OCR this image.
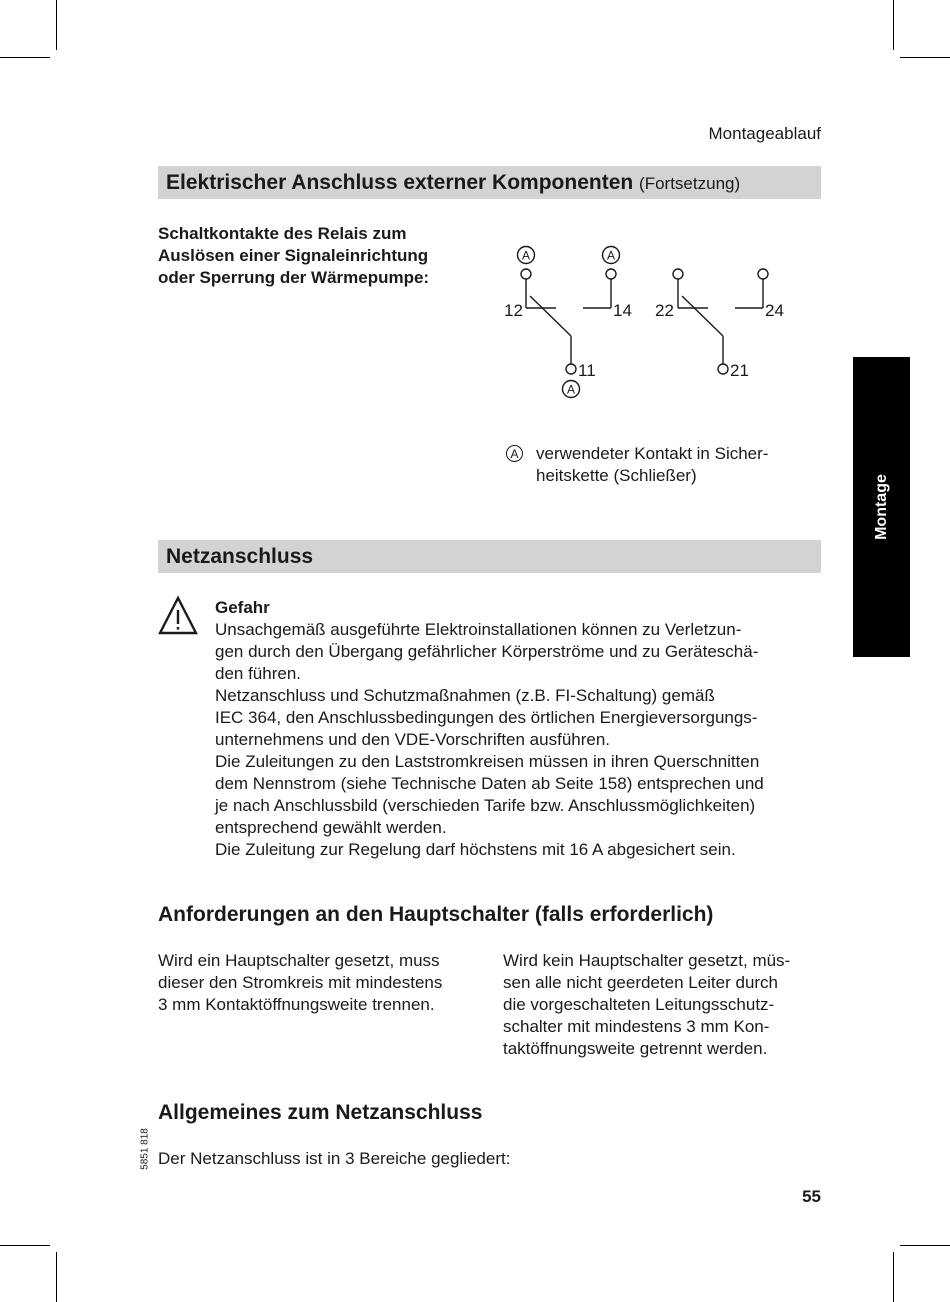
Montageablauf
Elektrischer Anschluss externer Komponenten (Fortsetzung)
Schaltkontakte des Relais zum
Auslösen einer Signaleinrichtung
oder Sperrung der Wärmepumpe:
A	A
A
12	14
11
22	24
21
A verwendeter Kontakt in Sicher-
heitskette (Schließer)
Netzanschluss
Gefahr
Unsachgemäß ausgeführte Elektroinstallationen können zu Verletzun-
gen durch den Übergang gefährlicher Körperströme und zu Geräteschä-
den führen.
Netzanschluss und Schutzmaßnahmen (z.B. FI-Schaltung) gemäß
IEC 364, den Anschlussbedingungen des örtlichen Energieversorgungs-
unternehmens und den VDE-Vorschriften ausführen.
Die Zuleitungen zu den Laststromkreisen müssen in ihren Querschnitten
dem Nennstrom (siehe Technische Daten ab Seite 158) entsprechen und
je nach Anschlussbild (verschieden Tarife bzw. Anschlussmöglichkeiten)
entsprechend gewählt werden.
Die Zuleitung zur Regelung darf höchstens mit 16 A abgesichert sein.
Anforderungen an den Hauptschalter (falls erforderlich)
Wird ein Hauptschalter gesetzt, muss
dieser den Stromkreis mit mindestens
3 mm Kontaktöffnungsweite trennen.
Wird kein Hauptschalter gesetzt, müs-
sen alle nicht geerdeten Leiter durch
die vorgeschalteten Leitungsschutz-
schalter mit mindestens 3 mm Kon-
taktöffnungsweite getrennt werden.
Allgemeines zum Netzanschluss
Der Netzanschluss ist in 3 Bereiche gegliedert:
Montage
5851 818
55
